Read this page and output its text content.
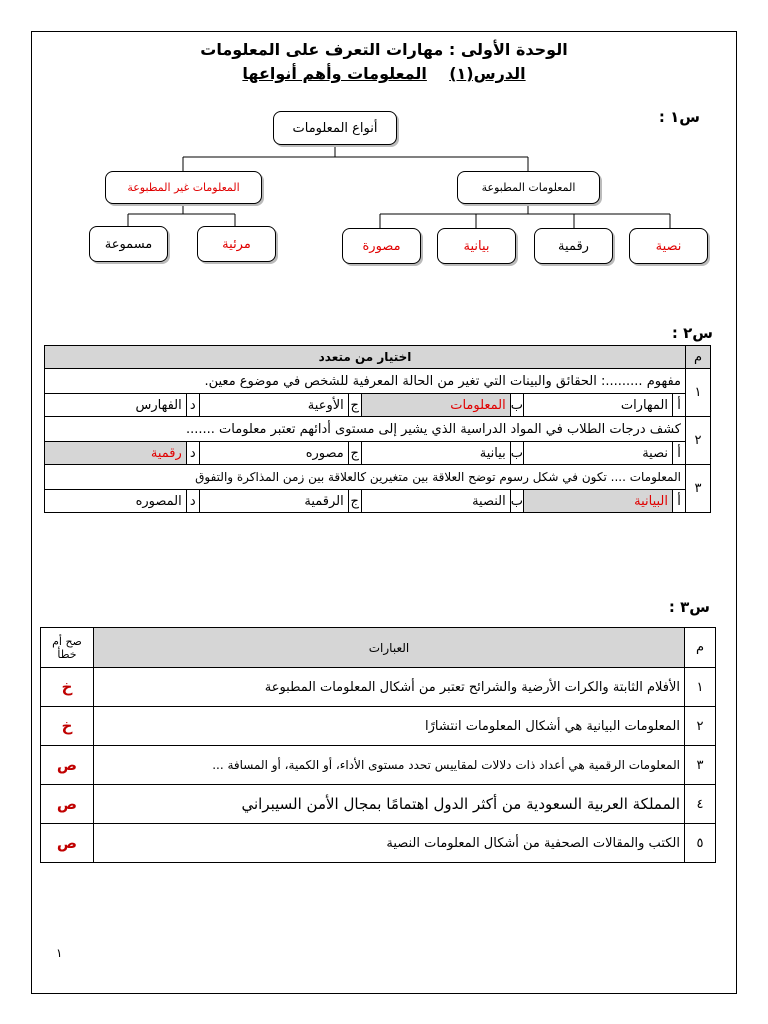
الوحدة الأولى : مهارات التعرف على المعلومات
الدرس(١)    المعلومات وأهم أنواعها
س١ :
أنواع المعلومات
المعلومات المطبوعة
المعلومات غير المطبوعة
نصية
رقمية
بيانية
مصورة
مرئية
مسموعة
س٢ :
م	اختيار من متعدد							
١	مفهوم .........: الحقائق والبينات التي تغير من الحالة المعرفية للشخص في موضوع معين.							
	أ	المهارات	ب	المعلومات	ج	الأوعية	د	الفهارس
٢	كشف درجات الطلاب في المواد الدراسية الذي يشير إلى مستوى أدائهم تعتبر معلومات .......							
	أ	نصية	ب	بيانية	ج	مصوره	د	رقمية
٣	المعلومات .... تكون في شكل رسوم توضح العلاقة بين متغيرين كالعلاقة بين زمن المذاكرة والتفوق							
	أ	البيانية	ب	النصية	ج	الرقمية	د	المصوره
س٣ :
م	العبارات	صح أم خطأ
١	الأفلام الثابتة والكرات الأرضية والشرائح تعتبر من أشكال المعلومات المطبوعة	خ
٢	المعلومات البيانية هي أشكال المعلومات انتشارًا	خ
٣	المعلومات الرقمية هي أعداد ذات دلالات لمقاييس تحدد مستوى الأداء، أو الكمية، أو المسافة ...	ص
٤	المملكة العربية السعودية من أكثر الدول اهتمامًا بمجال الأمن السيبراني	ص
٥	الكتب والمقالات الصحفية من أشكال المعلومات النصية	ص
١
